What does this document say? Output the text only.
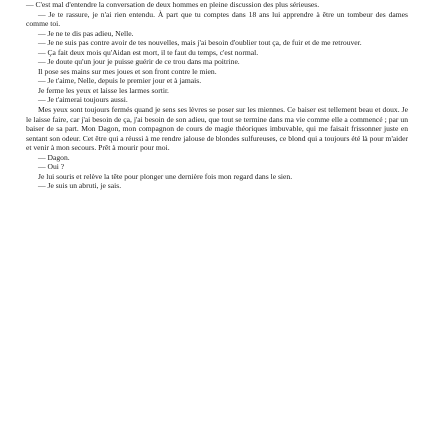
— C'est mal d'entendre la conversation de deux hommes en pleine discussion des plus sérieuses.

— Je te rassure, je n'ai rien entendu. À part que tu comptes dans 18 ans lui apprendre à être un tombeur des dames comme toi.

— Je ne te dis pas adieu, Nelle.

— Je ne suis pas contre avoir de tes nouvelles, mais j'ai besoin d'oublier tout ça, de fuir et de me retrouver.

— Ça fait deux mois qu'Aidan est mort, il te faut du temps, c'est normal.

— Je doute qu'un jour je puisse guérir de ce trou dans ma poitrine.

Il pose ses mains sur mes joues et son front contre le mien.

— Je t'aime, Nelle, depuis le premier jour et à jamais.

Je ferme les yeux et laisse les larmes sortir.

— Je t'aimerai toujours aussi.

Mes yeux sont toujours fermés quand je sens ses lèvres se poser sur les miennes. Ce baiser est tellement beau et doux. Je le laisse faire, car j'ai besoin de ça, j'ai besoin de son adieu, que tout se termine dans ma vie comme elle a commencé ; par un baiser de sa part. Mon Dagon, mon compagnon de cours de magie théoriques imbuvable, qui me faisait frissonner juste en sentant son odeur. Cet être qui a réussi à me rendre jalouse de blondes sulfureuses, ce blond qui a toujours été là pour m'aider et venir à mon secours. Prêt à mourir pour moi.

— Dagon.

— Oui ?

Je lui souris et relève la tête pour plonger une dernière fois mon regard dans le sien.

— Je suis un abruti, je sais.
